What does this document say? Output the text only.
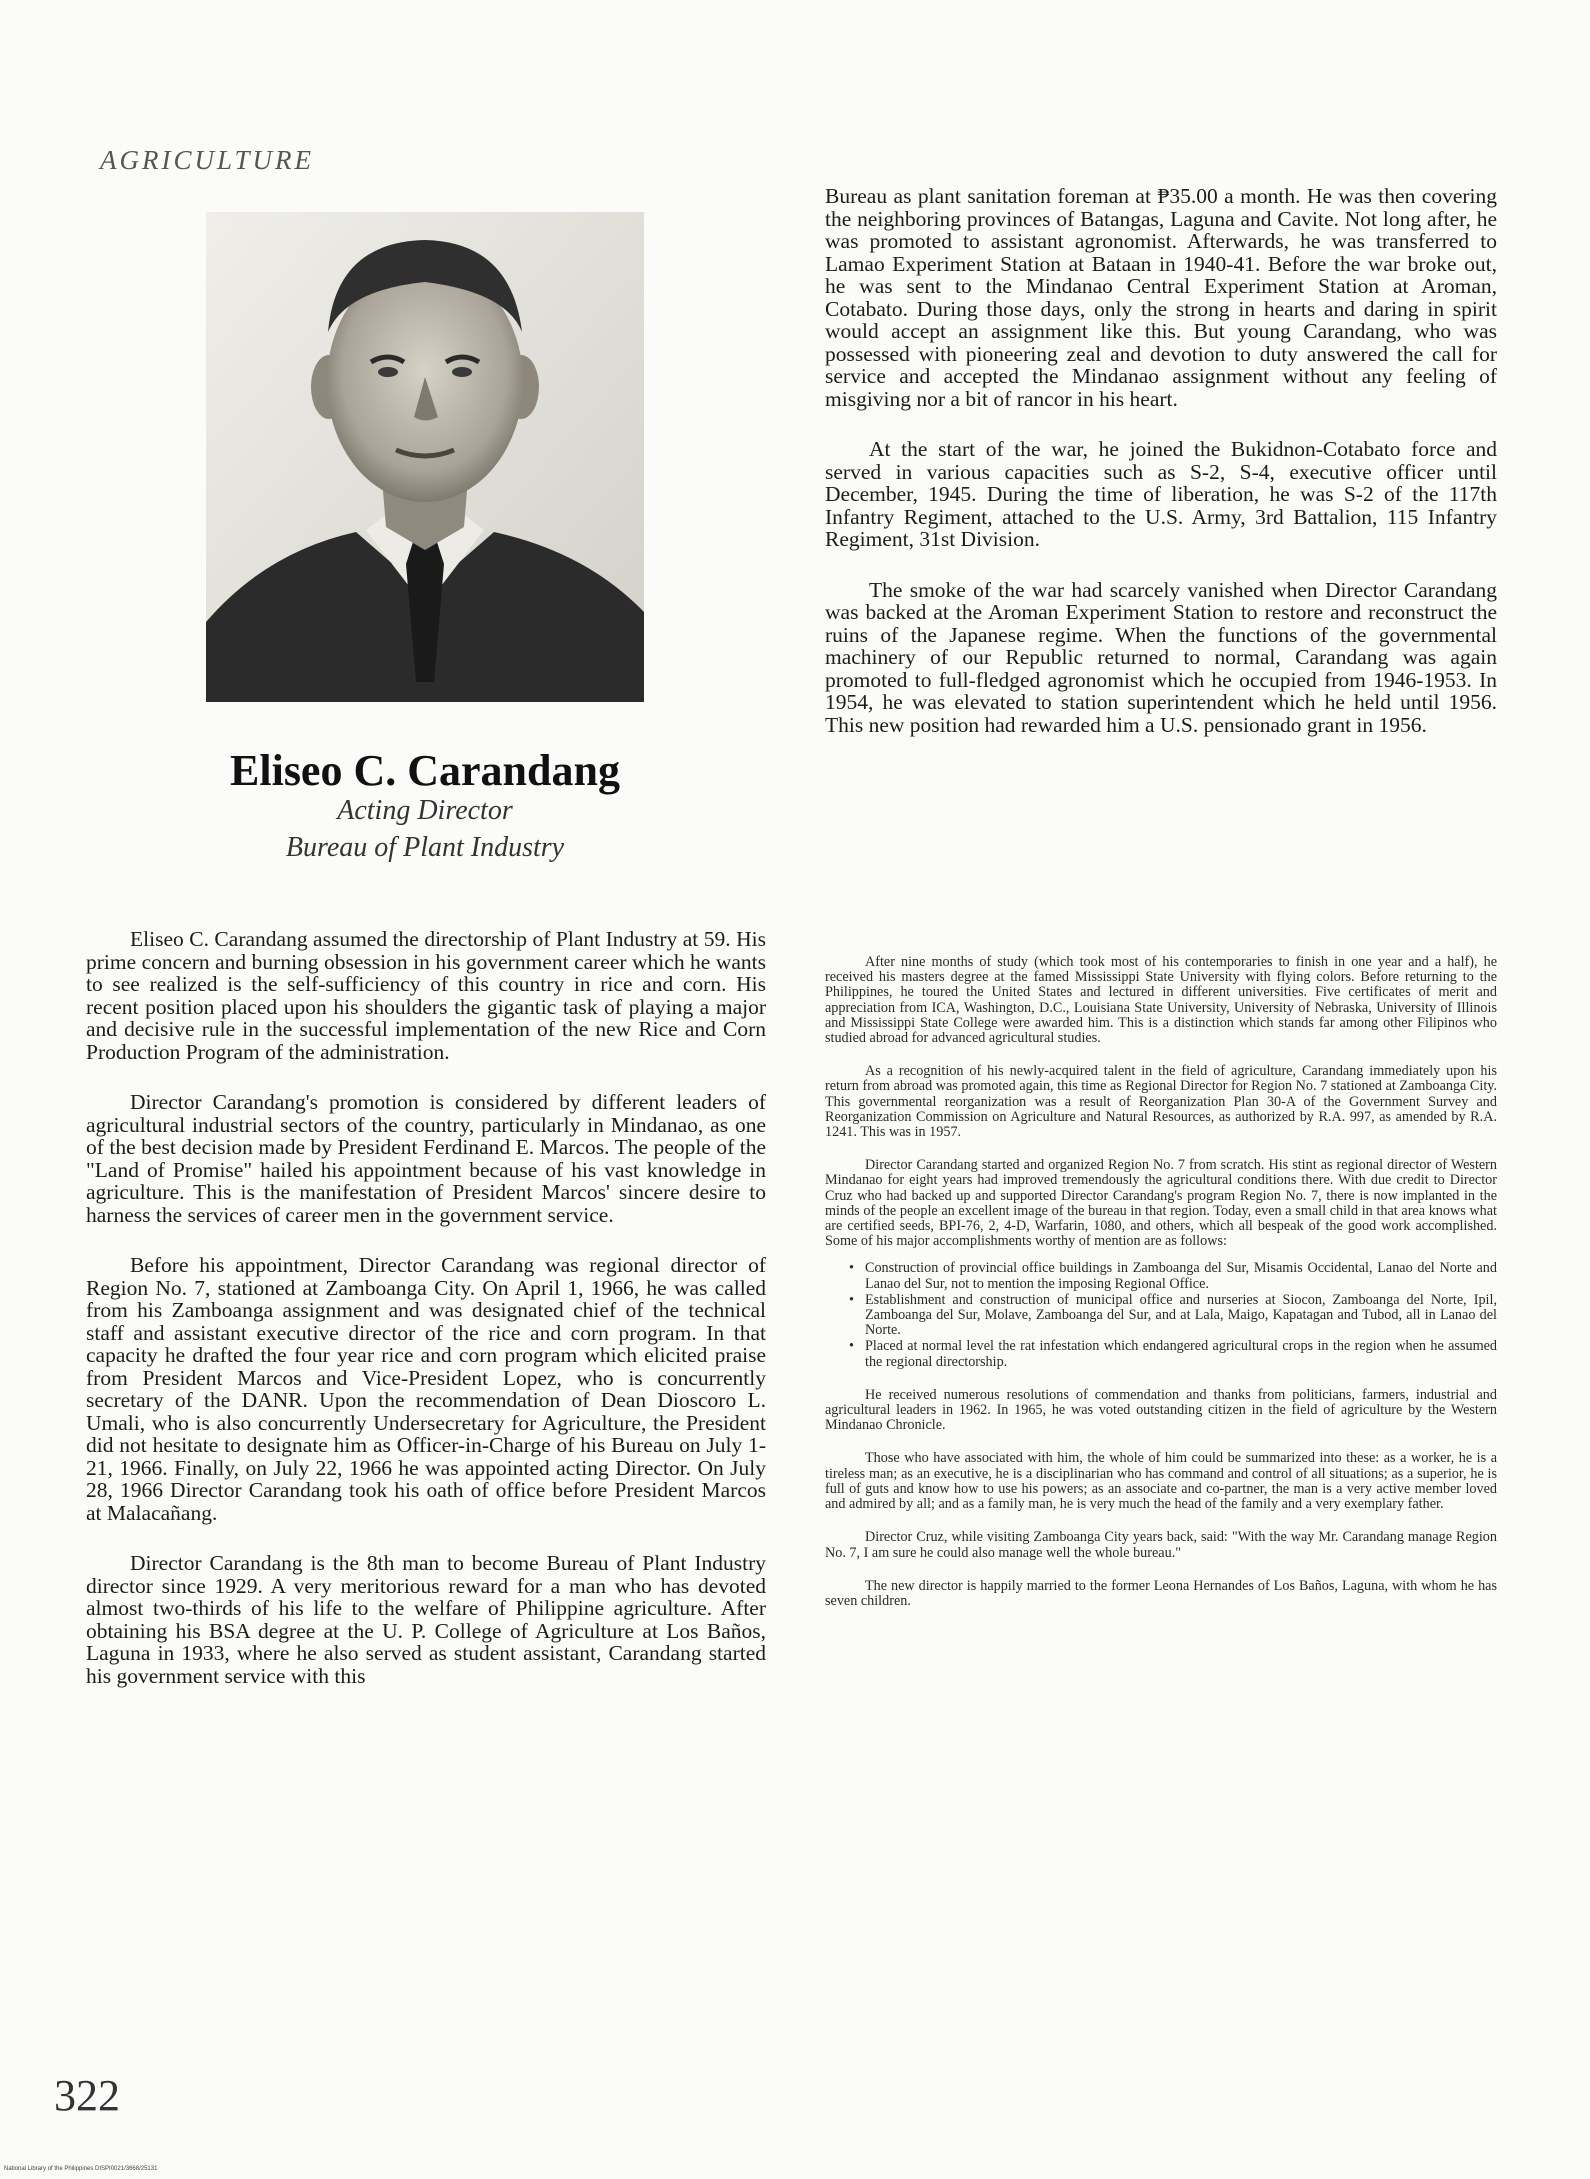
AGRICULTURE
Eliseo C. Carandang
Acting Director
Bureau of Plant Industry

Eliseo C. Carandang assumed the directorship of Plant Industry at 59. His prime concern and burning obsession in his government career which he wants to see realized is the self-sufficiency of this country in rice and corn. His recent position placed upon his shoulders the gigantic task of playing a major and decisive rule in the successful implementation of the new Rice and Corn Production Program of the administration.

Director Carandang's promotion is considered by different leaders of agricultural industrial sectors of the country, particularly in Mindanao, as one of the best decision made by President Ferdinand E. Marcos. The people of the "Land of Promise" hailed his appointment because of his vast knowledge in agriculture. This is the manifestation of President Marcos' sincere desire to harness the services of career men in the government service.

Before his appointment, Director Carandang was regional director of Region No. 7, stationed at Zamboanga City. On April 1, 1966, he was called from his Zamboanga assignment and was designated chief of the technical staff and assistant executive director of the rice and corn program. In that capacity he drafted the four year rice and corn program which elicited praise from President Marcos and Vice-President Lopez, who is concurrently secretary of the DANR. Upon the recommendation of Dean Dioscoro L. Umali, who is also concurrently Undersecretary for Agriculture, the President did not hesitate to designate him as Officer-in-Charge of his Bureau on July 1-21, 1966. Finally, on July 22, 1966 he was appointed acting Director. On July 28, 1966 Director Carandang took his oath of office before President Marcos at Malacañang.

Director Carandang is the 8th man to become Bureau of Plant Industry director since 1929. A very meritorious reward for a man who has devoted almost two-thirds of his life to the welfare of Philippine agriculture. After obtaining his BSA degree at the U. P. College of Agriculture at Los Baños, Laguna in 1933, where he also served as student assistant, Carandang started his government service with this

Bureau as plant sanitation foreman at ₱35.00 a month. He was then covering the neighboring provinces of Batangas, Laguna and Cavite. Not long after, he was promoted to assistant agronomist. Afterwards, he was transferred to Lamao Experiment Station at Bataan in 1940-41. Before the war broke out, he was sent to the Mindanao Central Experiment Station at Aroman, Cotabato. During those days, only the strong in hearts and daring in spirit would accept an assignment like this. But young Carandang, who was possessed with pioneering zeal and devotion to duty answered the call for service and accepted the Mindanao assignment without any feeling of misgiving nor a bit of rancor in his heart.

At the start of the war, he joined the Bukidnon-Cotabato force and served in various capacities such as S-2, S-4, executive officer until December, 1945. During the time of liberation, he was S-2 of the 117th Infantry Regiment, attached to the U.S. Army, 3rd Battalion, 115 Infantry Regiment, 31st Division.

The smoke of the war had scarcely vanished when Director Carandang was backed at the Aroman Experiment Station to restore and reconstruct the ruins of the Japanese regime. When the functions of the governmental machinery of our Republic returned to normal, Carandang was again promoted to full-fledged agronomist which he occupied from 1946-1953. In 1954, he was elevated to station superintendent which he held until 1956. This new position had rewarded him a U.S. pensionado grant in 1956.

After nine months of study (which took most of his contemporaries to finish in one year and a half), he received his masters degree at the famed Mississippi State University with flying colors. Before returning to the Philippines, he toured the United States and lectured in different universities. Five certificates of merit and appreciation from ICA, Washington, D.C., Louisiana State University, University of Nebraska, University of Illinois and Mississippi State College were awarded him. This is a distinction which stands far among other Filipinos who studied abroad for advanced agricultural studies.

As a recognition of his newly-acquired talent in the field of agriculture, Carandang immediately upon his return from abroad was promoted again, this time as Regional Director for Region No. 7 stationed at Zamboanga City. This governmental reorganization was a result of Reorganization Plan 30-A of the Government Survey and Reorganization Commission on Agriculture and Natural Resources, as authorized by R.A. 997, as amended by R.A. 1241. This was in 1957.

Director Carandang started and organized Region No. 7 from scratch. His stint as regional director of Western Mindanao for eight years had improved tremendously the agricultural conditions there. With due credit to Director Cruz who had backed up and supported Director Carandang's program Region No. 7, there is now implanted in the minds of the people an excellent image of the bureau in that region. Today, even a small child in that area knows what are certified seeds, BPI-76, 2, 4-D, Warfarin, 1080, and others, which all bespeak of the good work accomplished. Some of his major accomplishments worthy of mention are as follows:

• Construction of provincial office buildings in Zamboanga del Sur, Misamis Occidental, Lanao del Norte and Lanao del Sur, not to mention the imposing Regional Office.
• Establishment and construction of municipal office and nurseries at Siocon, Zamboanga del Norte, Ipil, Zamboanga del Sur, Molave, Zamboanga del Sur, and at Lala, Maigo, Kapatagan and Tubod, all in Lanao del Norte.
• Placed at normal level the rat infestation which endangered agricultural crops in the region when he assumed the regional directorship.

He received numerous resolutions of commendation and thanks from politicians, farmers, industrial and agricultural leaders in 1962. In 1965, he was voted outstanding citizen in the field of agriculture by the Western Mindanao Chronicle.

Those who have associated with him, the whole of him could be summarized into these: as a worker, he is a tireless man; as an executive, he is a disciplinarian who has command and control of all situations; as a superior, he is full of guts and know how to use his powers; as an associate and co-partner, the man is a very active member loved and admired by all; and as a family man, he is very much the head of the family and a very exemplary father.

Director Cruz, while visiting Zamboanga City years back, said: "With the way Mr. Carandang manage Region No. 7, I am sure he could also manage well the whole bureau."

The new director is happily married to the former Leona Hernandes of Los Baños, Laguna, with whom he has seven children.

322
National Library of the Philippines DISPI0021/3668/25131
